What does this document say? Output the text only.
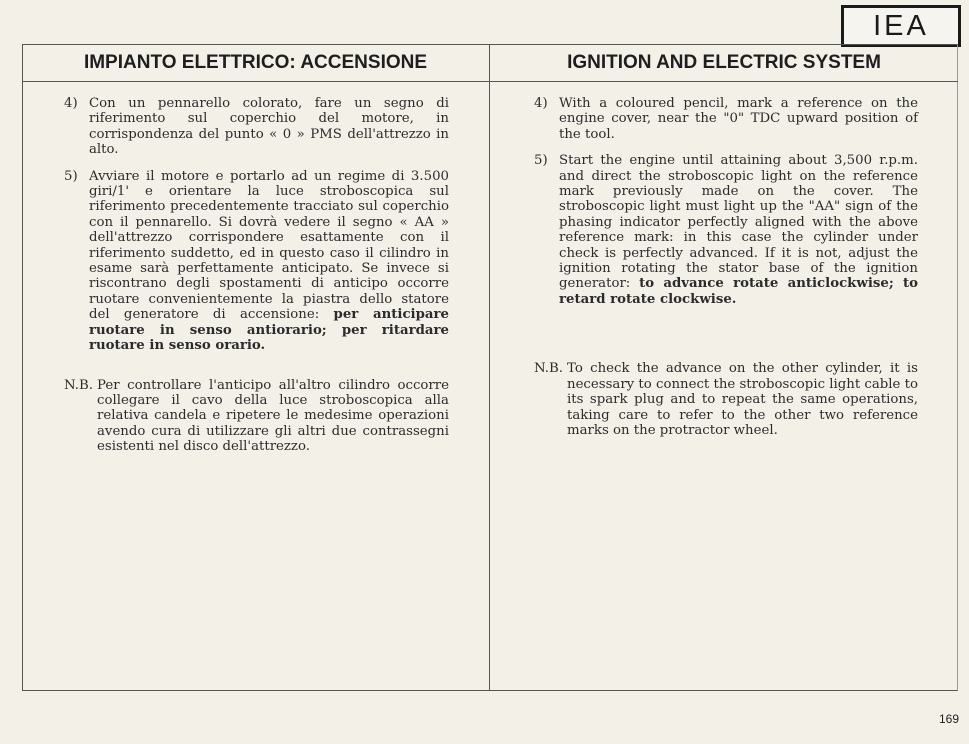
IEA
IMPIANTO ELETTRICO: ACCENSIONE	IGNITION AND ELECTRIC SYSTEM
4) Con un pennarello colorato, fare un segno di riferimento sul coperchio del motore, in corrispondenza del punto « 0 » PMS dell'attrezzo in alto.
5) Avviare il motore e portarlo ad un regime di 3.500 giri/1' e orientare la luce stroboscopica sul riferimento precedentemente tracciato sul coperchio con il pennarello. Si dovrà vedere il segno « AA » dell'attrezzo corrispondere esattamente con il riferimento suddetto, ed in questo caso il cilindro in esame sarà perfettamente anticipato. Se invece si riscontrano degli spostamenti di anticipo occorre ruotare convenientemente la piastra dello statore del generatore di accensione: per anticipare ruotare in senso antiorario; per ritardare ruotare in senso orario.
N.B. Per controllare l'anticipo all'altro cilindro occorre collegare il cavo della luce stroboscopica alla relativa candela e ripetere le medesime operazioni avendo cura di utilizzare gli altri due contrassegni esistenti nel disco dell'attrezzo.
4) With a coloured pencil, mark a reference on the engine cover, near the "0" TDC upward position of the tool.
5) Start the engine until attaining about 3,500 r.p.m. and direct the stroboscopic light on the reference mark previously made on the cover. The stroboscopic light must light up the "AA" sign of the phasing indicator perfectly aligned with the above reference mark: in this case the cylinder under check is perfectly advanced. If it is not, adjust the ignition rotating the stator base of the ignition generator: to advance rotate anticlockwise; to retard rotate clockwise.
N.B. To check the advance on the other cylinder, it is necessary to connect the stroboscopic light cable to its spark plug and to repeat the same operations, taking care to refer to the other two reference marks on the protractor wheel.
169
